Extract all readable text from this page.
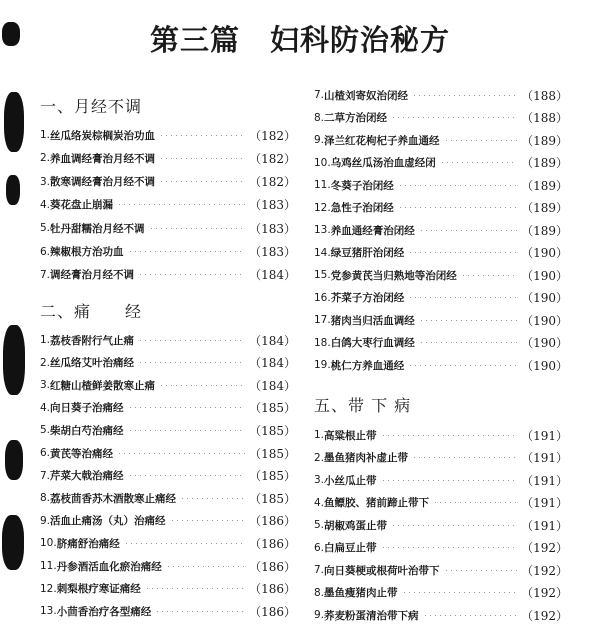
第三篇　妇科防治秘方
一、月经不调
1. 丝瓜络炭棕榈炭治功血	（182）
2. 养血调经膏治月经不调	（182）
3. 散寒调经膏治月经不调	（182）
4. 葵花盘止崩漏	（183）
5. 牡丹甜糯治月经不调	（183）
6. 辣椒根方治功血	（183）
7. 调经膏治月经不调	（184）
二、痛　　经
1. 荔枝香附行气止痛	（184）
2. 丝瓜络艾叶治痛经	（184）
3. 红糖山楂鲜姜散寒止痛	（184）
4. 向日葵子治痛经	（185）
5. 柴胡白芍治痛经	（185）
6. 黄芪等治痛经	（185）
7. 芹菜大戟治痛经	（185）
8. 荔枝茴香苏木酒散寒止痛经	（185）
9. 活血止痛汤（丸）治痛经	（186）
10. 脐痛舒治痛经	（186）
11. 丹参酒活血化瘀治痛经	（186）
12. 刺梨根疗寒证痛经	（186）
13. 小茴香治疗各型痛经	（186）
7. 山楂刘寄奴治闭经	（188）
8. 二草方治闭经	（188）
9. 泽兰红花枸杞子养血通经	（189）
10. 乌鸡丝瓜汤治血虚经闭	（189）
11. 冬葵子治闭经	（189）
12. 急性子治闭经	（189）
13. 养血通经膏治闭经	（189）
14. 绿豆猪肝治闭经	（190）
15. 党参黄芪当归熟地等治闭经	（190）
16. 芥菜子方治闭经	（190）
17. 猪肉当归活血调经	（190）
18. 白鸽大枣行血调经	（190）
19. 桃仁方养血通经	（190）
五、带 下 病
1. 高粱根止带	（191）
2. 墨鱼猪肉补虚止带	（191）
3. 小丝瓜止带	（191）
4. 鱼鳔胶、猪前蹄止带下	（191）
5. 胡椒鸡蛋止带	（191）
6. 白扁豆止带	（192）
7. 向日葵梗或根荷叶治带下	（192）
8. 墨鱼瘦猪肉止带	（192）
9. 荞麦粉蛋清治带下病	（192）
